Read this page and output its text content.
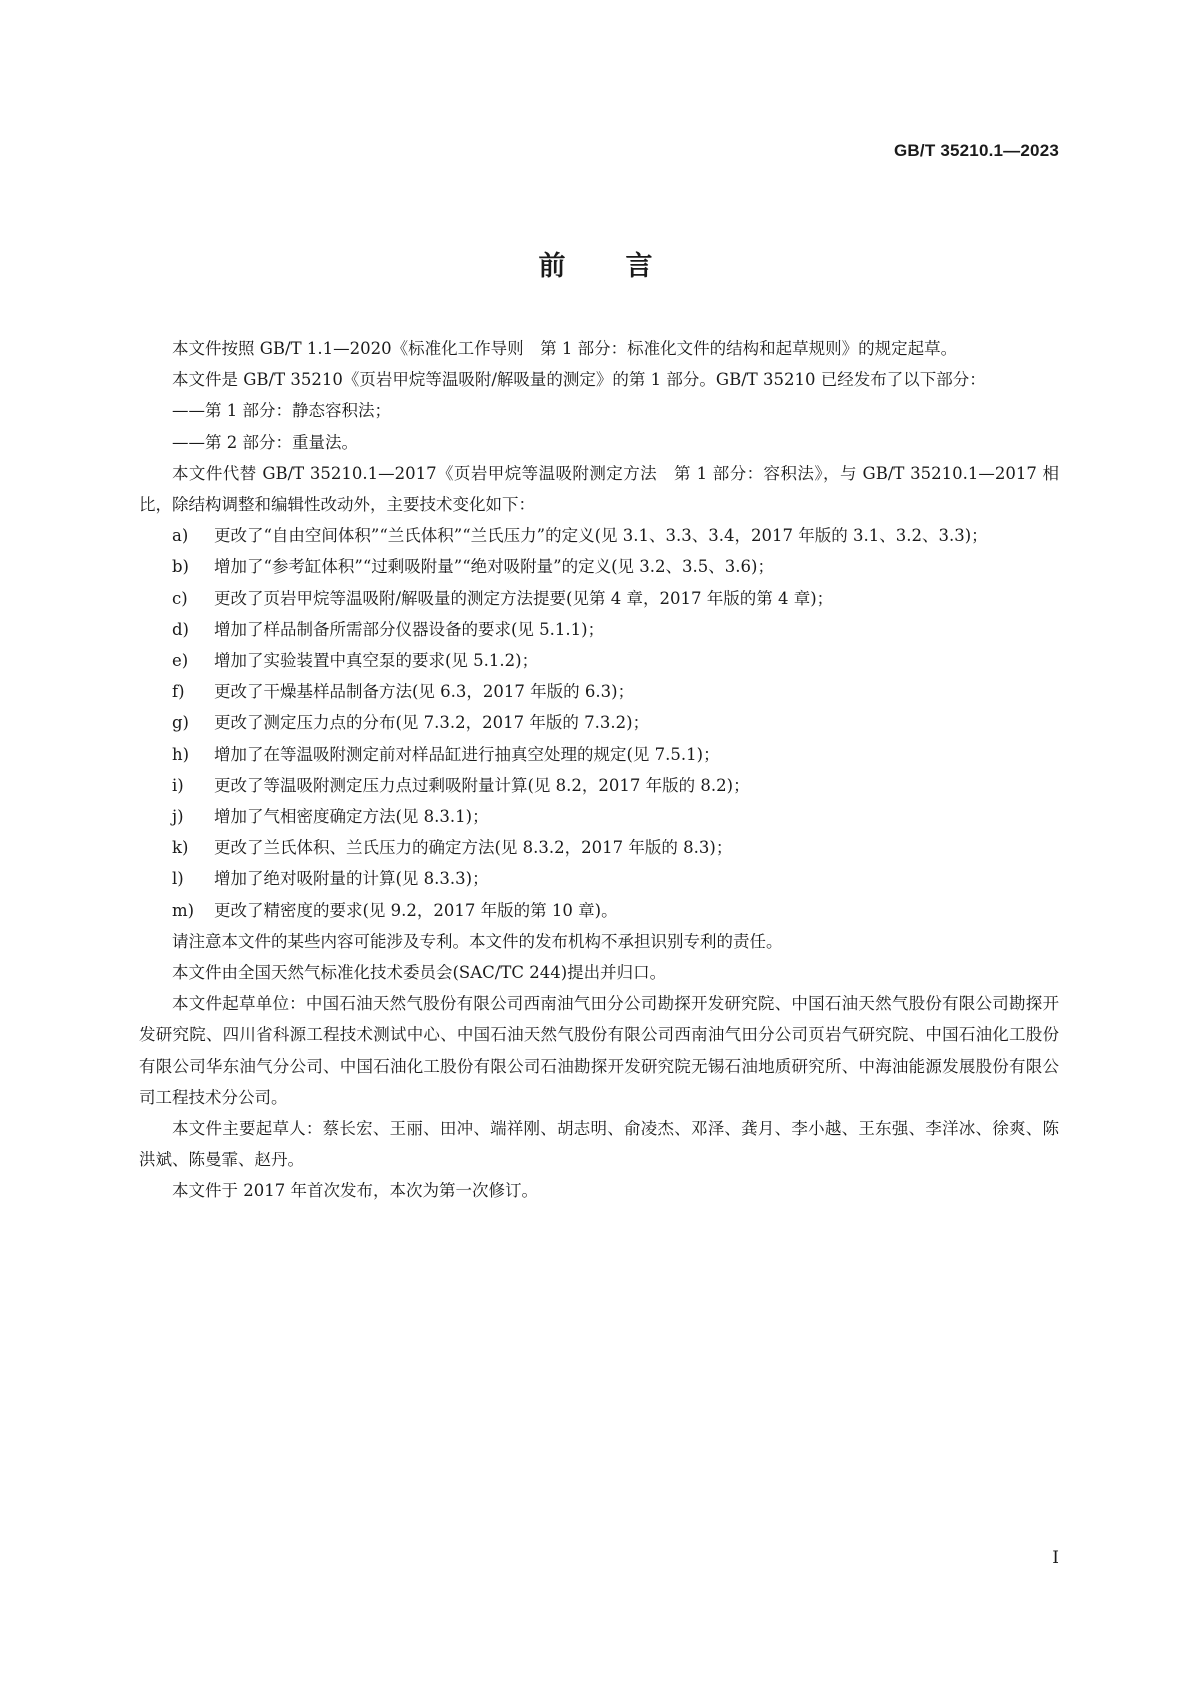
GB/T 35210.1—2023
前言

本文件按照 GB/T 1.1—2020《标准化工作导则　第 1 部分：标准化文件的结构和起草规则》的规定起草。

本文件是 GB/T 35210《页岩甲烷等温吸附/解吸量的测定》的第 1 部分。GB/T 35210 已经发布了以下部分：

——第 1 部分：静态容积法；

——第 2 部分：重量法。

本文件代替 GB/T 35210.1—2017《页岩甲烷等温吸附测定方法　第 1 部分：容积法》，与 GB/T 35210.1—2017 相比，除结构调整和编辑性改动外，主要技术变化如下：

a) 更改了“自由空间体积”“兰氏体积”“兰氏压力”的定义(见 3.1、3.3、3.4，2017 年版的 3.1、3.2、3.3)；

b) 增加了“参考缸体积”“过剩吸附量”“绝对吸附量”的定义(见 3.2、3.5、3.6)；

c) 更改了页岩甲烷等温吸附/解吸量的测定方法提要(见第 4 章，2017 年版的第 4 章)；

d) 增加了样品制备所需部分仪器设备的要求(见 5.1.1)；

e) 增加了实验装置中真空泵的要求(见 5.1.2)；

f) 更改了干燥基样品制备方法(见 6.3，2017 年版的 6.3)；

g) 更改了测定压力点的分布(见 7.3.2，2017 年版的 7.3.2)；

h) 增加了在等温吸附测定前对样品缸进行抽真空处理的规定(见 7.5.1)；

i) 更改了等温吸附测定压力点过剩吸附量计算(见 8.2，2017 年版的 8.2)；

j) 增加了气相密度确定方法(见 8.3.1)；

k) 更改了兰氏体积、兰氏压力的确定方法(见 8.3.2，2017 年版的 8.3)；

l) 增加了绝对吸附量的计算(见 8.3.3)；

m) 更改了精密度的要求(见 9.2，2017 年版的第 10 章)。

请注意本文件的某些内容可能涉及专利。本文件的发布机构不承担识别专利的责任。

本文件由全国天然气标准化技术委员会(SAC/TC 244)提出并归口。

本文件起草单位：中国石油天然气股份有限公司西南油气田分公司勘探开发研究院、中国石油天然气股份有限公司勘探开发研究院、四川省科源工程技术测试中心、中国石油天然气股份有限公司西南油气田分公司页岩气研究院、中国石油化工股份有限公司华东油气分公司、中国石油化工股份有限公司石油勘探开发研究院无锡石油地质研究所、中海油能源发展股份有限公司工程技术分公司。

本文件主要起草人：蔡长宏、王丽、田冲、端祥刚、胡志明、俞凌杰、邓泽、龚月、李小越、王东强、李洋冰、徐爽、陈洪斌、陈曼霏、赵丹。

本文件于 2017 年首次发布，本次为第一次修订。

I
